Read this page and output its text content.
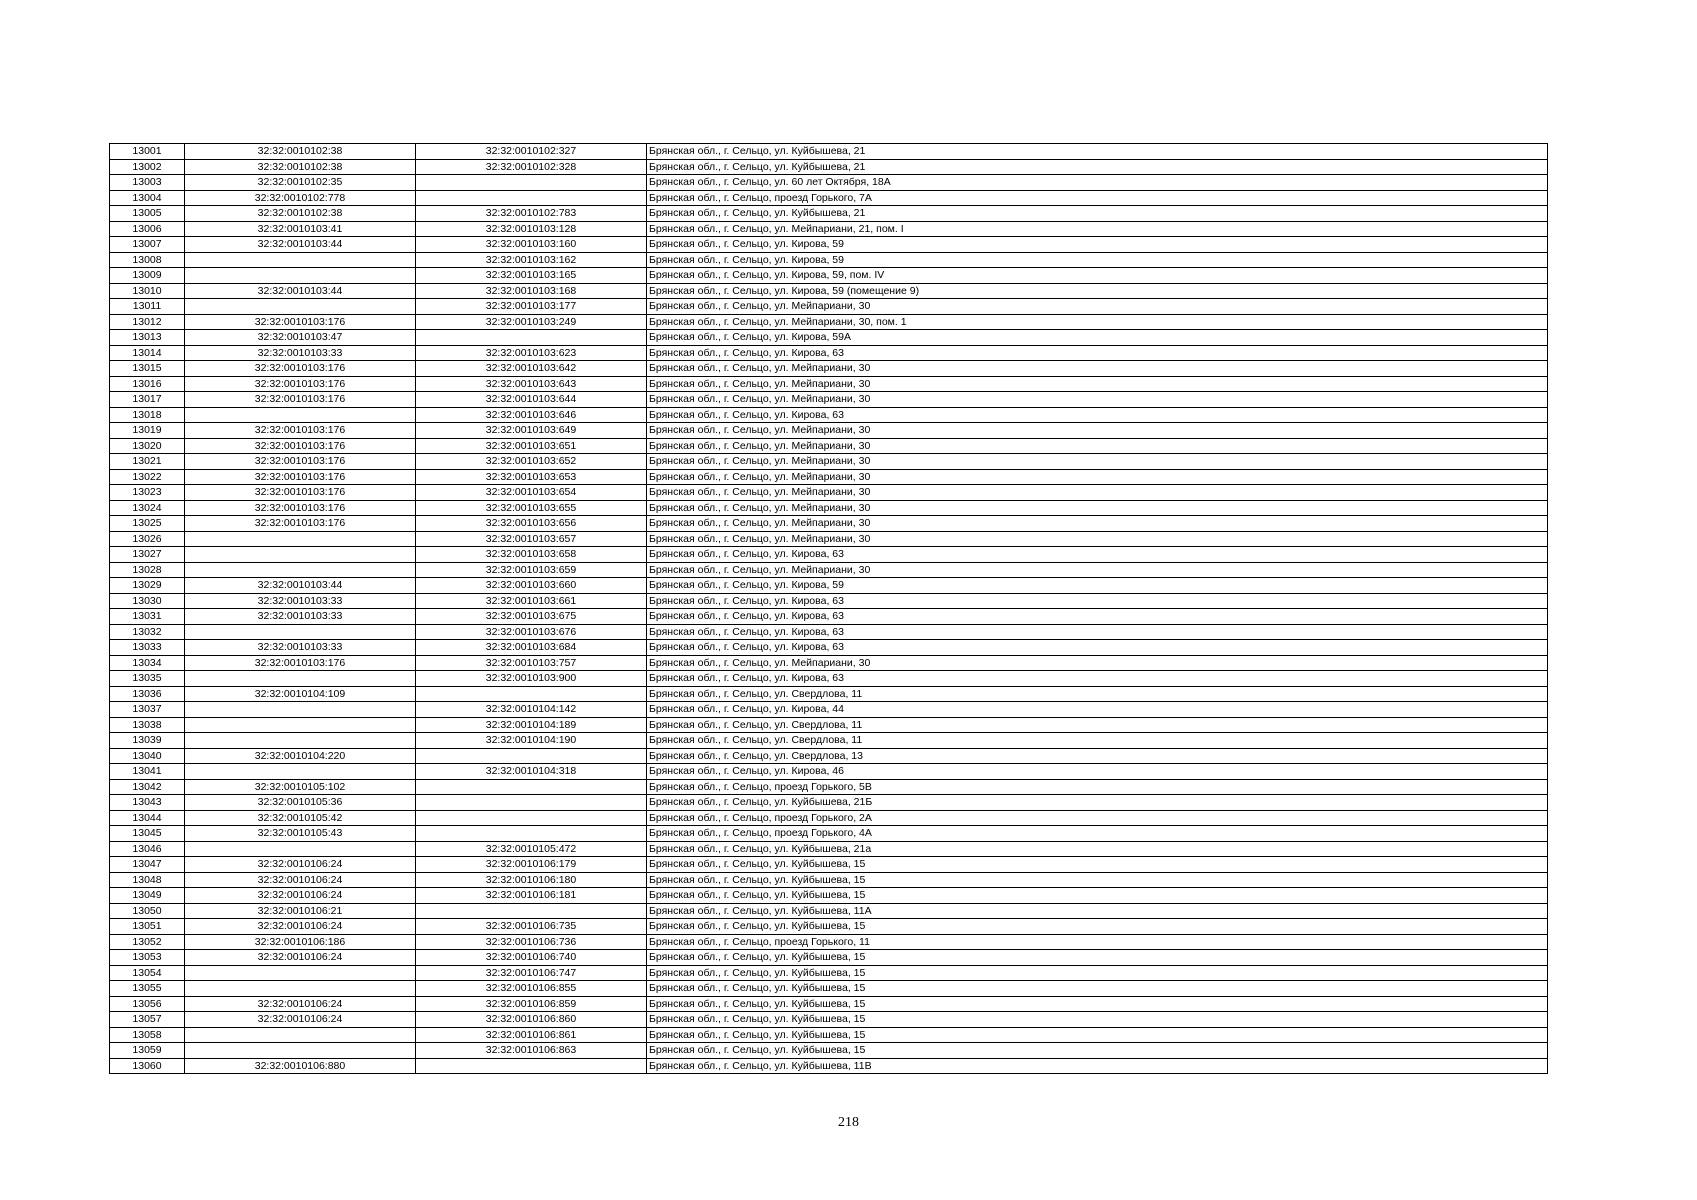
13001	32:32:0010102:38	32:32:0010102:327	Брянская обл., г. Сельцо, ул. Куйбышева, 21
13002	32:32:0010102:38	32:32:0010102:328	Брянская обл., г. Сельцо, ул. Куйбышева, 21
13003	32:32:0010102:35		Брянская обл., г. Сельцо, ул. 60 лет Октября, 18А
13004	32:32:0010102:778		Брянская обл., г. Сельцо, проезд Горького, 7А
13005	32:32:0010102:38	32:32:0010102:783	Брянская обл., г. Сельцо, ул. Куйбышева, 21
13006	32:32:0010103:41	32:32:0010103:128	Брянская обл., г. Сельцо, ул. Мейпариани, 21, пом. I
13007	32:32:0010103:44	32:32:0010103:160	Брянская обл., г. Сельцо, ул. Кирова, 59
13008		32:32:0010103:162	Брянская обл., г. Сельцо, ул. Кирова, 59
13009		32:32:0010103:165	Брянская обл., г. Сельцо, ул. Кирова, 59, пом. IV
13010	32:32:0010103:44	32:32:0010103:168	Брянская обл., г. Сельцо, ул. Кирова, 59 (помещение 9)
13011		32:32:0010103:177	Брянская обл., г. Сельцо, ул. Мейпариани, 30
13012	32:32:0010103:176	32:32:0010103:249	Брянская обл., г. Сельцо, ул. Мейпариани, 30, пом. 1
13013	32:32:0010103:47		Брянская обл., г. Сельцо, ул. Кирова, 59А
13014	32:32:0010103:33	32:32:0010103:623	Брянская обл., г. Сельцо, ул. Кирова, 63
13015	32:32:0010103:176	32:32:0010103:642	Брянская обл., г. Сельцо, ул. Мейпариани, 30
13016	32:32:0010103:176	32:32:0010103:643	Брянская обл., г. Сельцо, ул. Мейпариани, 30
13017	32:32:0010103:176	32:32:0010103:644	Брянская обл., г. Сельцо, ул. Мейпариани, 30
13018		32:32:0010103:646	Брянская обл., г. Сельцо, ул. Кирова, 63
13019	32:32:0010103:176	32:32:0010103:649	Брянская обл., г. Сельцо, ул. Мейпариани, 30
13020	32:32:0010103:176	32:32:0010103:651	Брянская обл., г. Сельцо, ул. Мейпариани, 30
13021	32:32:0010103:176	32:32:0010103:652	Брянская обл., г. Сельцо, ул. Мейпариани, 30
13022	32:32:0010103:176	32:32:0010103:653	Брянская обл., г. Сельцо, ул. Мейпариани, 30
13023	32:32:0010103:176	32:32:0010103:654	Брянская обл., г. Сельцо, ул. Мейпариани, 30
13024	32:32:0010103:176	32:32:0010103:655	Брянская обл., г. Сельцо, ул. Мейпариани, 30
13025	32:32:0010103:176	32:32:0010103:656	Брянская обл., г. Сельцо, ул. Мейпариани, 30
13026		32:32:0010103:657	Брянская обл., г. Сельцо, ул. Мейпариани, 30
13027		32:32:0010103:658	Брянская обл., г. Сельцо, ул. Кирова, 63
13028		32:32:0010103:659	Брянская обл., г. Сельцо, ул. Мейпариани, 30
13029	32:32:0010103:44	32:32:0010103:660	Брянская обл., г. Сельцо, ул. Кирова, 59
13030	32:32:0010103:33	32:32:0010103:661	Брянская обл., г. Сельцо, ул. Кирова, 63
13031	32:32:0010103:33	32:32:0010103:675	Брянская обл., г. Сельцо, ул. Кирова, 63
13032		32:32:0010103:676	Брянская обл., г. Сельцо, ул. Кирова, 63
13033	32:32:0010103:33	32:32:0010103:684	Брянская обл., г. Сельцо, ул. Кирова, 63
13034	32:32:0010103:176	32:32:0010103:757	Брянская обл., г. Сельцо, ул. Мейпариани, 30
13035		32:32:0010103:900	Брянская обл., г. Сельцо, ул. Кирова, 63
13036	32:32:0010104:109		Брянская обл., г. Сельцо, ул. Свердлова, 11
13037		32:32:0010104:142	Брянская обл., г. Сельцо, ул. Кирова, 44
13038		32:32:0010104:189	Брянская обл., г. Сельцо, ул. Свердлова, 11
13039		32:32:0010104:190	Брянская обл., г. Сельцо, ул. Свердлова, 11
13040	32:32:0010104:220		Брянская обл., г. Сельцо, ул. Свердлова, 13
13041		32:32:0010104:318	Брянская обл., г. Сельцо, ул. Кирова, 46
13042	32:32:0010105:102		Брянская обл., г. Сельцо, проезд Горького, 5В
13043	32:32:0010105:36		Брянская обл., г. Сельцо, ул. Куйбышева, 21Б
13044	32:32:0010105:42		Брянская обл., г. Сельцо, проезд Горького, 2А
13045	32:32:0010105:43		Брянская обл., г. Сельцо, проезд Горького, 4А
13046		32:32:0010105:472	Брянская обл., г. Сельцо, ул. Куйбышева, 21а
13047	32:32:0010106:24	32:32:0010106:179	Брянская обл., г. Сельцо, ул. Куйбышева, 15
13048	32:32:0010106:24	32:32:0010106:180	Брянская обл., г. Сельцо, ул. Куйбышева, 15
13049	32:32:0010106:24	32:32:0010106:181	Брянская обл., г. Сельцо, ул. Куйбышева, 15
13050	32:32:0010106:21		Брянская обл., г. Сельцо, ул. Куйбышева, 11А
13051	32:32:0010106:24	32:32:0010106:735	Брянская обл., г. Сельцо, ул. Куйбышева, 15
13052	32:32:0010106:186	32:32:0010106:736	Брянская обл., г. Сельцо, проезд Горького, 11
13053	32:32:0010106:24	32:32:0010106:740	Брянская обл., г. Сельцо, ул. Куйбышева, 15
13054		32:32:0010106:747	Брянская обл., г. Сельцо, ул. Куйбышева, 15
13055		32:32:0010106:855	Брянская обл., г. Сельцо, ул. Куйбышева, 15
13056	32:32:0010106:24	32:32:0010106:859	Брянская обл., г. Сельцо, ул. Куйбышева, 15
13057	32:32:0010106:24	32:32:0010106:860	Брянская обл., г. Сельцо, ул. Куйбышева, 15
13058		32:32:0010106:861	Брянская обл., г. Сельцо, ул. Куйбышева, 15
13059		32:32:0010106:863	Брянская обл., г. Сельцо, ул. Куйбышева, 15
13060	32:32:0010106:880		Брянская обл., г. Сельцо, ул. Куйбышева, 11В
218
